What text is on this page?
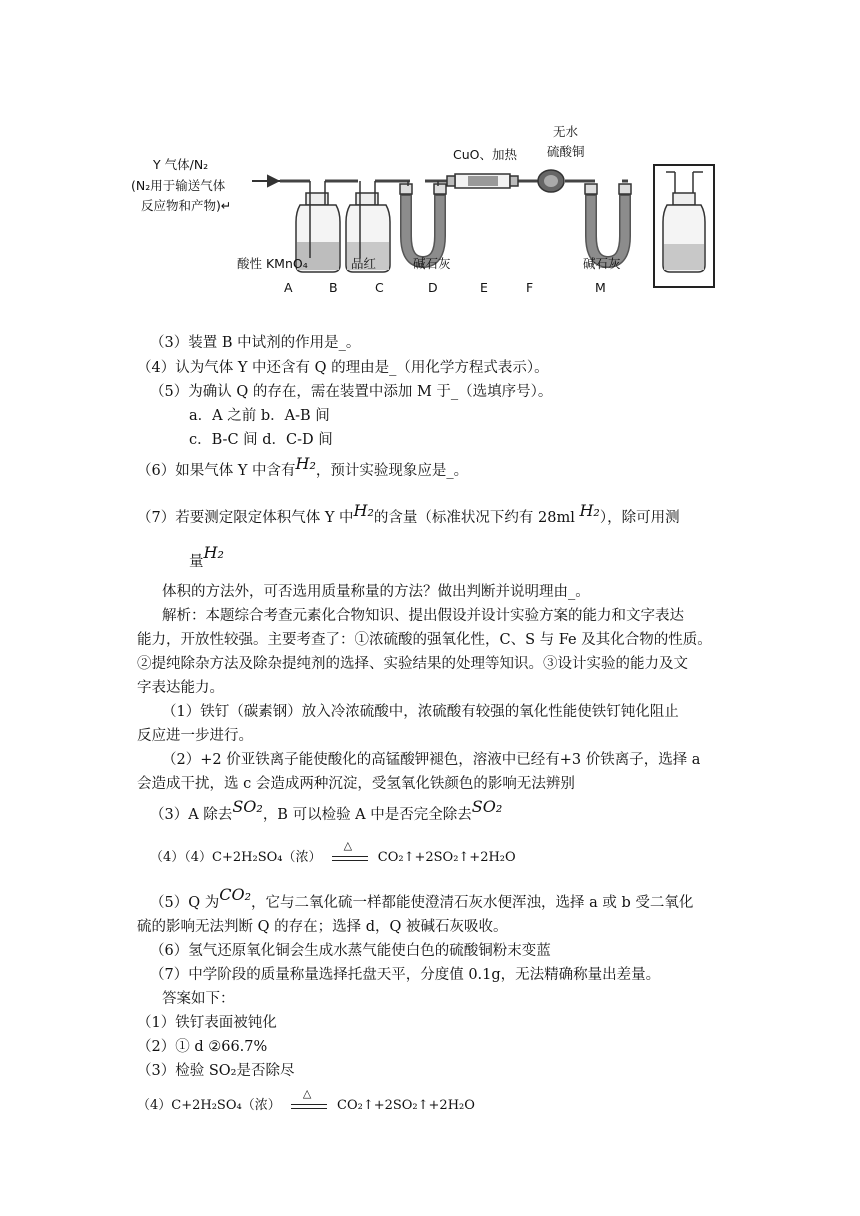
Y 气体/N₂
(N₂用于输送气体
反应物和产物)↵
酸性 KMnO₄	品红	碱石灰
CuO、加热
无水
硫酸铜
碱石灰
A	B	C	D	E	F	M
（3）装置 B 中试剂的作用是_。
（4）认为气体 Y 中还含有 Q 的理由是_（用化学方程式表示）。
（5）为确认 Q 的存在，需在装置中添加 M 于_（选填序号）。
a．A 之前 b．A-B 间
c．B-C 间 d．C-D 间
（6）如果气体 Y 中含有H₂，预计实验现象应是_。
（7）若要测定限定体积气体 Y 中H₂的含量（标准状况下约有 28ml H₂），除可用测
量H₂
体积的方法外，可否选用质量称量的方法？做出判断并说明理由_。
解析：本题综合考查元素化合物知识、提出假设并设计实验方案的能力和文字表达
能力，开放性较强。主要考查了：①浓硫酸的强氧化性，C、S 与 Fe 及其化合物的性质。
②提纯除杂方法及除杂提纯剂的选择、实验结果的处理等知识。③设计实验的能力及文
字表达能力。
（1）铁钉（碳素钢）放入冷浓硫酸中，浓硫酸有较强的氧化性能使铁钉钝化阻止
反应进一步进行。
（2）+2 价亚铁离子能使酸化的高锰酸钾褪色，溶液中已经有+3 价铁离子，选择 a
会造成干扰，选 c 会造成两种沉淀，受氢氧化铁颜色的影响无法辨别
（3）A 除去SO₂，B 可以检验 A 中是否完全除去SO₂
（4）（4）C+2H₂SO₄（浓）
△
CO₂↑+2SO₂↑+2H₂O
（5）Q 为CO₂，它与二氧化硫一样都能使澄清石灰水便浑浊，选择 a 或 b 受二氧化
硫的影响无法判断 Q 的存在；选择 d，Q 被碱石灰吸收。
（6）氢气还原氧化铜会生成水蒸气能使白色的硫酸铜粉末变蓝
（7）中学阶段的质量称量选择托盘天平，分度值 0.1g，无法精确称量出差量。
答案如下：
（1）铁钉表面被钝化
（2）① d ②66.7%
（3）检验 SO₂是否除尽
（4）C+2H₂SO₄（浓）
△
CO₂↑+2SO₂↑+2H₂O
